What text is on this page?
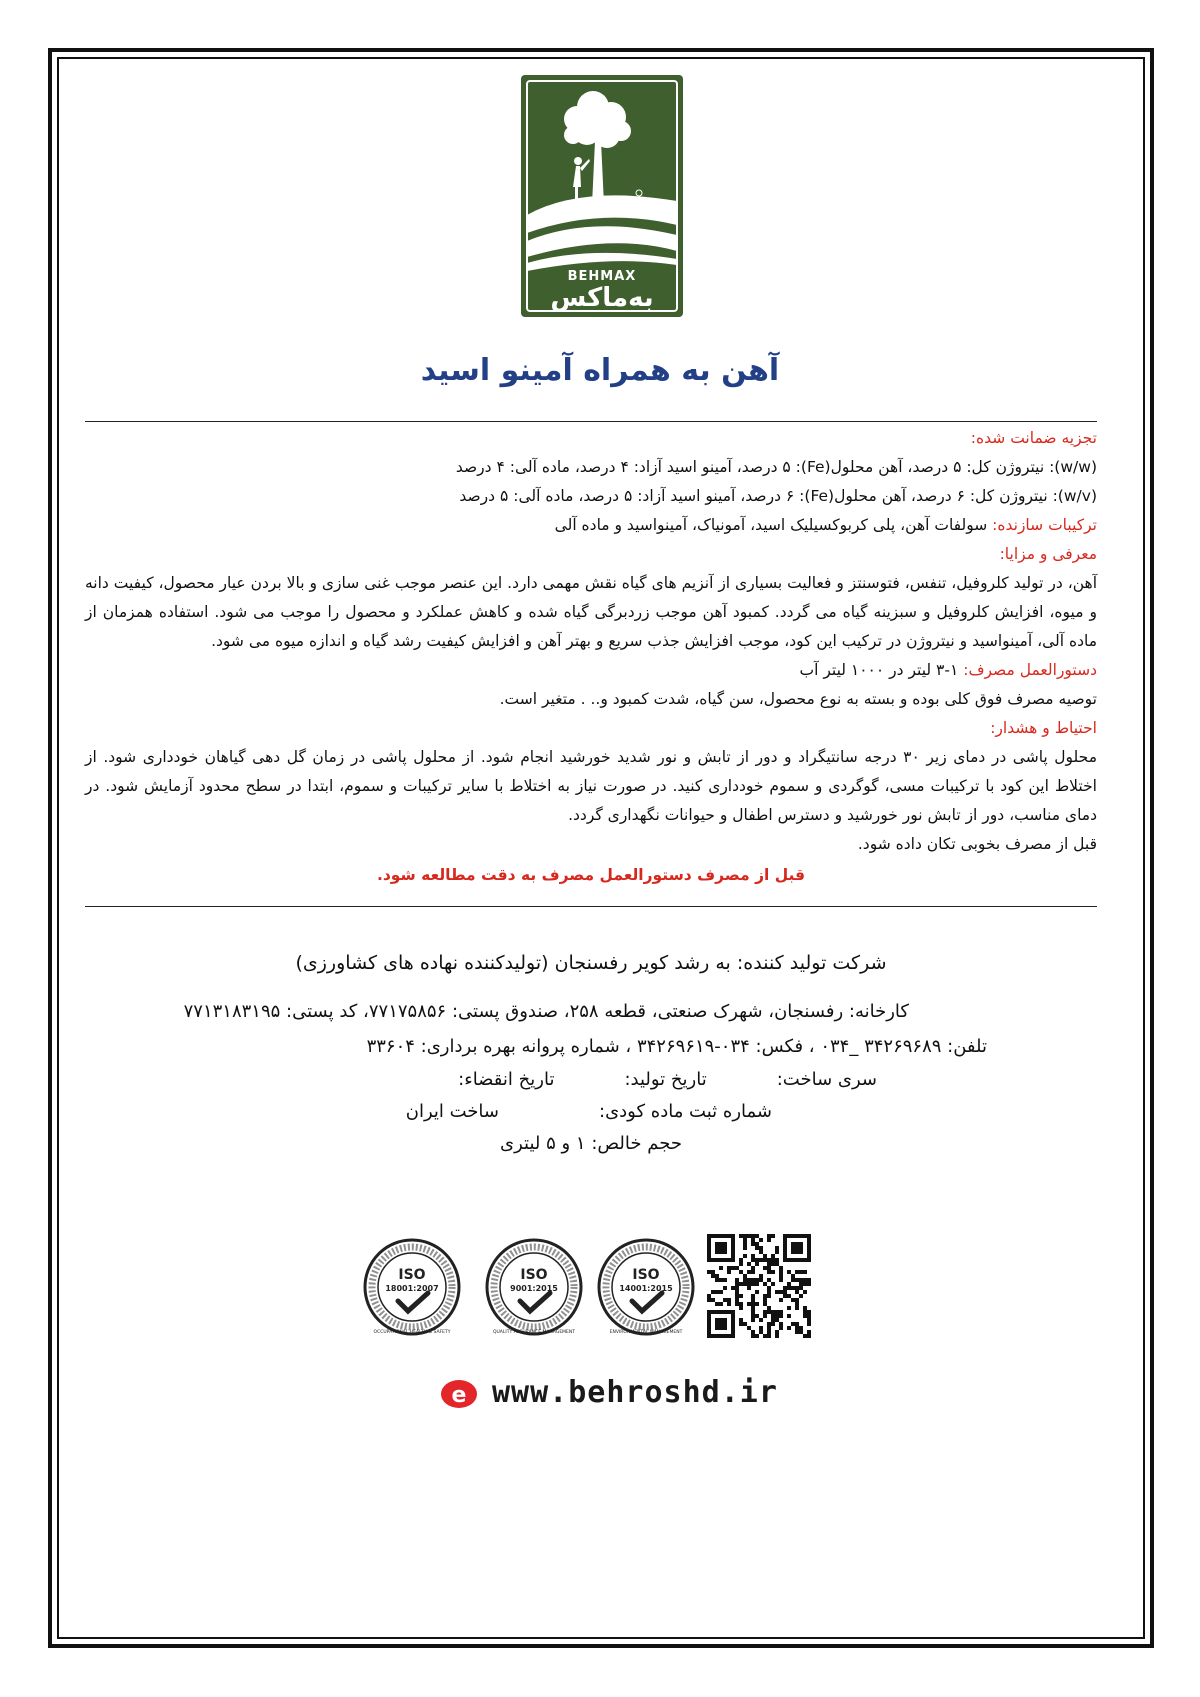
BEHMAX
به‌ماکس
آهن به همراه آمینو اسید
تجزیه ضمانت شده:
(w/w): نیتروژن کل: ۵ درصد، آهن محلول(Fe): ۵ درصد، آمینو اسید آزاد: ۴ درصد، ماده آلی: ۴ درصد
(w/v): نیتروژن کل: ۶ درصد، آهن محلول(Fe): ۶ درصد، آمینو اسید آزاد: ۵ درصد، ماده آلی: ۵ درصد
ترکیبات سازنده: سولفات آهن، پلی کربوکسیلیک اسید، آمونیاک، آمینواسید و ماده آلی
معرفی و مزایا:
آهن، در تولید کلروفیل، تنفس، فتوسنتز و فعالیت بسیاری از آنزیم های گیاه نقش مهمی دارد. این عنصر موجب غنی سازی و بالا بردن عیار محصول، کیفیت دانه و میوه، افزایش کلروفیل و سبزینه گیاه می گردد. کمبود آهن موجب زردبرگی گیاه شده و کاهش عملکرد و محصول را موجب می شود. استفاده همزمان از ماده آلی، آمینواسید و نیتروژن در ترکیب این کود، موجب افزایش جذب سریع و بهتر آهن و افزایش کیفیت رشد گیاه و اندازه میوه می شود.
دستورالعمل مصرف: ۱-۳ لیتر در ۱۰۰۰ لیتر آب
توصیه مصرف فوق کلی بوده و بسته به نوع محصول، سن گیاه، شدت کمبود و.. . متغیر است.
احتیاط و هشدار:
محلول پاشی در دمای زیر ۳۰ درجه سانتیگراد و دور از تابش و نور شدید خورشید انجام شود. از محلول پاشی در زمان گل دهی گیاهان خودداری شود. از اختلاط این کود با ترکیبات مسی، گوگردی و سموم خودداری کنید. در صورت نیاز به اختلاط با سایر ترکیبات و سموم، ابتدا در سطح محدود آزمایش شود. در دمای مناسب، دور از تابش نور خورشید و دسترس اطفال و حیوانات نگهداری گردد.
قبل از مصرف بخوبی تکان داده شود.
قبل از مصرف دستورالعمل مصرف به دقت مطالعه شود.
شرکت تولید کننده: به رشد کویر رفسنجان (تولیدکننده نهاده های کشاورزی)
کارخانه: رفسنجان، شهرک صنعتی، قطعه ۲۵۸، صندوق پستی: ۷۷۱۷۵۸۵۶، کد پستی: ۷۷۱۳۱۸۳۱۹۵
تلفن: ۳۴۲۶۹۶۸۹ _۰۳۴ ، فکس: ۰۳۴-۳۴۲۶۹۶۱۹ ، شماره پروانه بهره برداری: ۳۳۶۰۴
سری ساخت:تاریخ تولید:تاریخ انقضاء:
شماره ثبت ماده کودی:ساخت ایران
حجم خالص: ۱ و ۵ لیتری
ISO
18001:2007
OCCUPATIONAL HEALTH & SAFETY
ISO
9001:2015
QUALITY ASSURANCE MANAGEMENT
ISO
14001:2015
ENVIRONMENTAL MANAGEMENT
e www.behroshd.ir
